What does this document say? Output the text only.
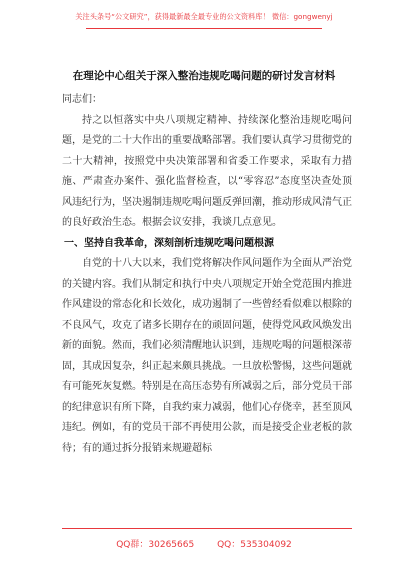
关注头条号“公文研究”，获得最新最全最专业的公文资料库！ 微信：gongwenyj
在理论中心组关于深入整治违规吃喝问题的研讨发言材料

同志们：

持之以恒落实中央八项规定精神、持续深化整治违规吃喝问题，是党的二十大作出的重要战略部署。我们要认真学习贯彻党的二十大精神，按照党中央决策部署和省委工作要求，采取有力措施、严肃查办案件、强化监督检查，以“零容忍”态度坚决查处顶风违纪行为，坚决遏制违规吃喝问题反弹回潮，推动形成风清气正的良好政治生态。根据会议安排，我谈几点意见。

一、坚持自我革命，深刻剖析违规吃喝问题根源

自党的十八大以来，我们党将解决作风问题作为全面从严治党的关键内容。我们从制定和执行中央八项规定开始全党范围内推进作风建设的常态化和长效化，成功遏制了一些曾经看似难以根除的不良风气，攻克了诸多长期存在的顽固问题，使得党风政风焕发出新的面貌。然而，我们必须清醒地认识到，违规吃喝的问题根深蒂固，其成因复杂，纠正起来颇具挑战。一旦放松警惕，这些问题就有可能死灰复燃。特别是在高压态势有所减弱之后，部分党员干部的纪律意识有所下降，自我约束力减弱，他们心存侥幸，甚至顶风违纪。例如，有的党员干部不再使用公款，而是接受企业老板的款待；有的通过拆分报销来规避超标

QQ群：30265665	QQ：535304092
